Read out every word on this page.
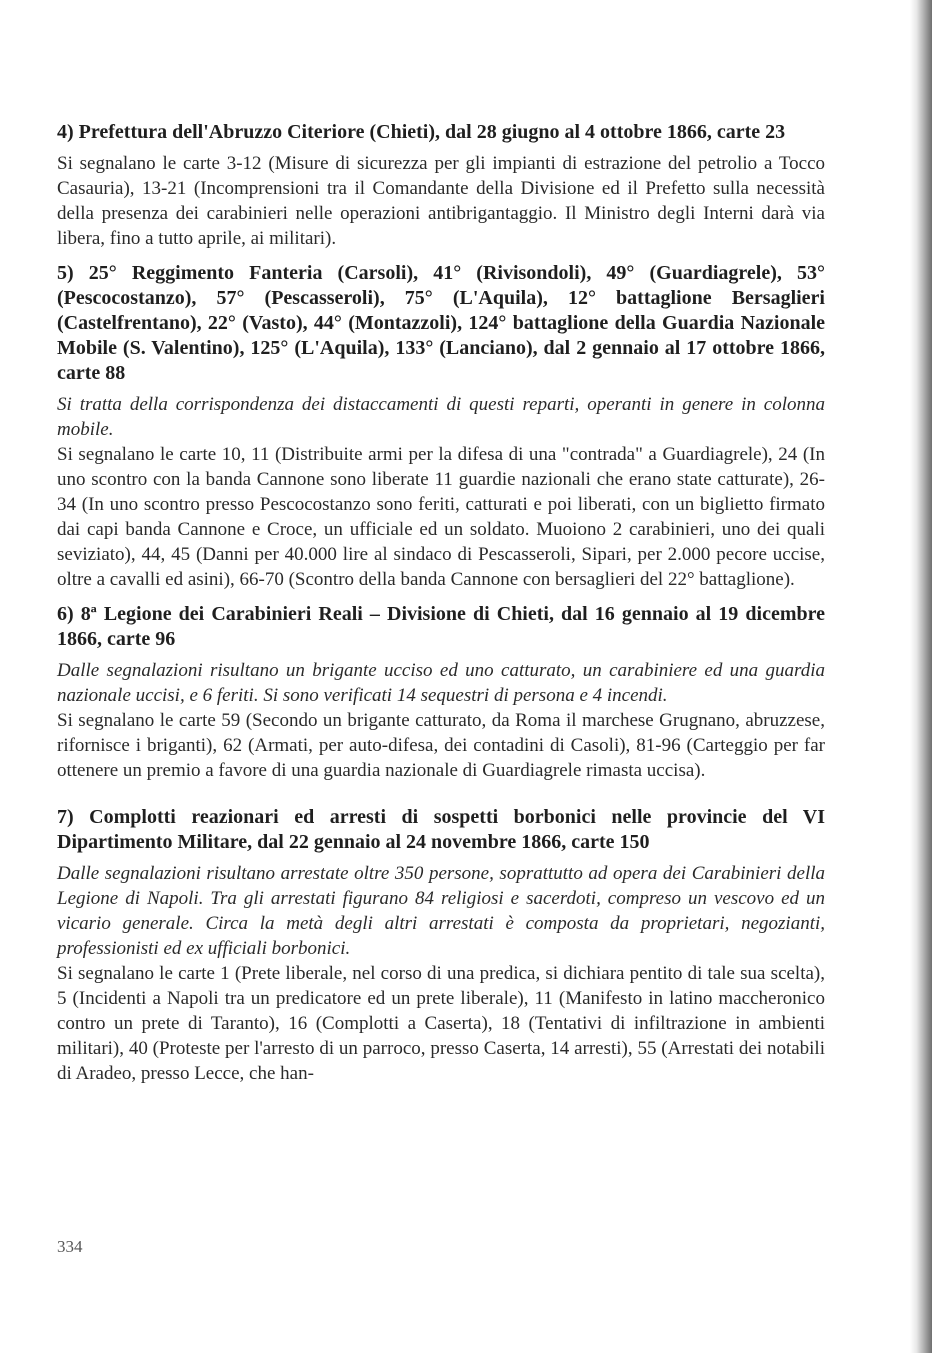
4) Prefettura dell'Abruzzo Citeriore (Chieti), dal 28 giugno al 4 ottobre 1866, carte 23

Si segnalano le carte 3-12 (Misure di sicurezza per gli impianti di estrazione del petrolio a Tocco Casauria), 13-21 (Incomprensioni tra il Comandante della Divisione ed il Prefetto sulla necessità della presenza dei carabinieri nelle operazioni antibrigantaggio. Il Ministro degli Interni darà via libera, fino a tutto aprile, ai militari).

5) 25° Reggimento Fanteria (Carsoli), 41° (Rivisondoli), 49° (Guardiagrele), 53° (Pescocostanzo), 57° (Pescasseroli), 75° (L'Aquila), 12° battaglione Bersaglieri (Castelfrentano), 22° (Vasto), 44° (Montazzoli), 124° battaglione della Guardia Nazionale Mobile (S. Valentino), 125° (L'Aquila), 133° (Lanciano), dal 2 gennaio al 17 ottobre 1866, carte 88

Si tratta della corrispondenza dei distaccamenti di questi reparti, operanti in genere in colonna mobile.

Si segnalano le carte 10, 11 (Distribuite armi per la difesa di una "contrada" a Guardiagrele), 24 (In uno scontro con la banda Cannone sono liberate 11 guardie nazionali che erano state catturate), 26-34 (In uno scontro presso Pescocostanzo sono feriti, catturati e poi liberati, con un biglietto firmato dai capi banda Cannone e Croce, un ufficiale ed un soldato. Muoiono 2 carabinieri, uno dei quali seviziato), 44, 45 (Danni per 40.000 lire al sindaco di Pescasseroli, Sipari, per 2.000 pecore uccise, oltre a cavalli ed asini), 66-70 (Scontro della banda Cannone con bersaglieri del 22° battaglione).

6) 8ª Legione dei Carabinieri Reali – Divisione di Chieti, dal 16 gennaio al 19 dicembre 1866, carte 96

Dalle segnalazioni risultano un brigante ucciso ed uno catturato, un carabiniere ed una guardia nazionale uccisi, e 6 feriti. Si sono verificati 14 sequestri di persona e 4 incendi.

Si segnalano le carte 59 (Secondo un brigante catturato, da Roma il marchese Grugnano, abruzzese, rifornisce i briganti), 62 (Armati, per auto-difesa, dei contadini di Casoli), 81-96 (Carteggio per far ottenere un premio a favore di una guardia nazionale di Guardiagrele rimasta uccisa).

7) Complotti reazionari ed arresti di sospetti borbonici nelle provincie del VI Dipartimento Militare, dal 22 gennaio al 24 novembre 1866, carte 150

Dalle segnalazioni risultano arrestate oltre 350 persone, soprattutto ad opera dei Carabinieri della Legione di Napoli. Tra gli arrestati figurano 84 religiosi e sacerdoti, compreso un vescovo ed un vicario generale. Circa la metà degli altri arrestati è composta da proprietari, negozianti, professionisti ed ex ufficiali borbonici.

Si segnalano le carte 1 (Prete liberale, nel corso di una predica, si dichiara pentito di tale sua scelta), 5 (Incidenti a Napoli tra un predicatore ed un prete liberale), 11 (Manifesto in latino maccheronico contro un prete di Taranto), 16 (Complotti a Caserta), 18 (Tentativi di infiltrazione in ambienti militari), 40 (Proteste per l'arresto di un parroco, presso Caserta, 14 arresti), 55 (Arrestati dei notabili di Aradeo, presso Lecce, che han-

334
